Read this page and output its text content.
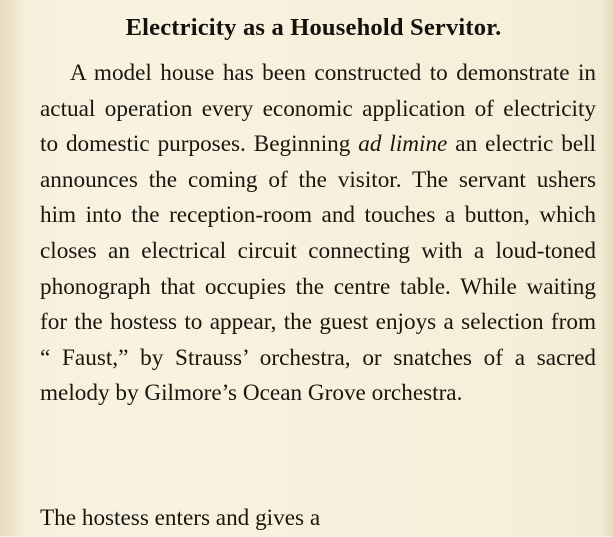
Electricity as a Household Servitor.

A model house has been constructed to demonstrate in actual operation every economic application of electricity to domestic purposes. Beginning ad limine an electric bell announces the coming of the visitor. The servant ushers him into the reception-room and touches a button, which closes an electrical circuit connecting with a loud-toned phonograph that occupies the centre table. While waiting for the hostess to appear, the guest enjoys a selection from “ Faust,” by Strauss’ orchestra, or snatches of a sacred melody by Gilmore’s Ocean Grove orchestra.

The hostess enters and gives a
